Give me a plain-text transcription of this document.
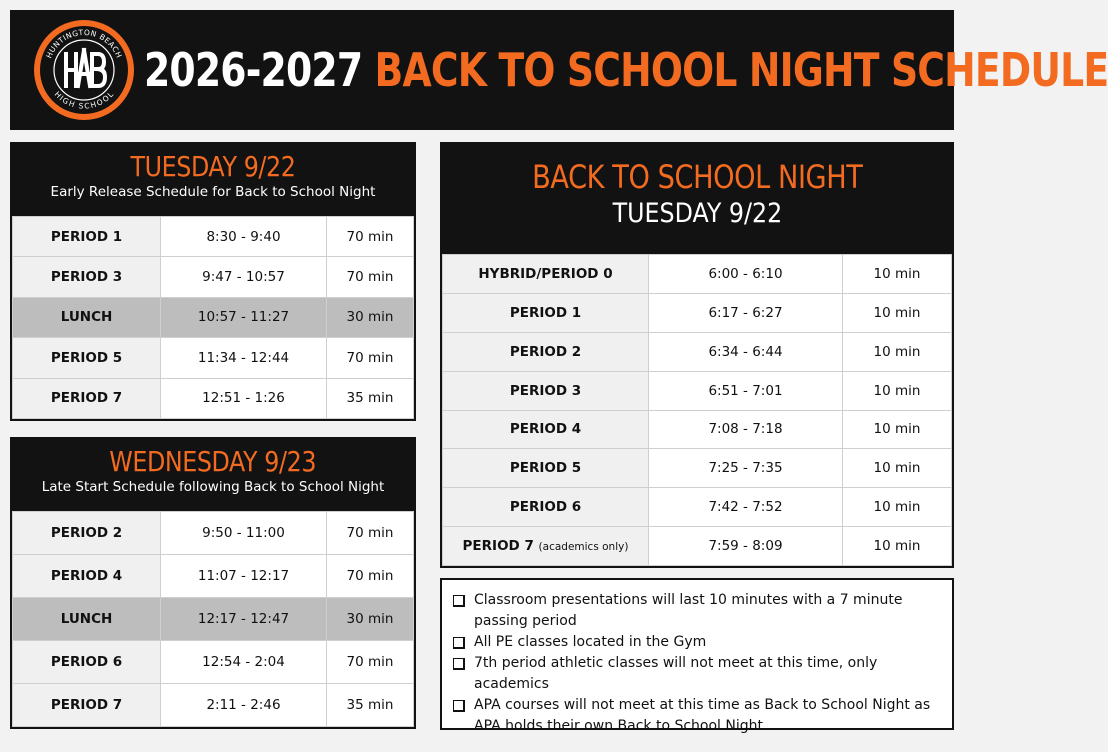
HUNTINGTON BEACH
HIGH SCHOOL 2026-2027 BACK TO SCHOOL NIGHT SCHEDULE
TUESDAY 9/22
Early Release Schedule for Back to School Night
PERIOD 1	8:30 - 9:40	70 min
PERIOD 3	9:47 - 10:57	70 min
LUNCH	10:57 - 11:27	30 min
PERIOD 5	11:34 - 12:44	70 min
PERIOD 7	12:51 - 1:26	35 min
WEDNESDAY 9/23
Late Start Schedule following Back to School Night
PERIOD 2	9:50 - 11:00	70 min
PERIOD 4	11:07 - 12:17	70 min
LUNCH	12:17 - 12:47	30 min
PERIOD 6	12:54 - 2:04	70 min
PERIOD 7	2:11 - 2:46	35 min
BACK TO SCHOOL NIGHT
TUESDAY 9/22
HYBRID/PERIOD 0	6:00 - 6:10	10 min
PERIOD 1	6:17 - 6:27	10 min
PERIOD 2	6:34 - 6:44	10 min
PERIOD 3	6:51 - 7:01	10 min
PERIOD 4	7:08 - 7:18	10 min
PERIOD 5	7:25 - 7:35	10 min
PERIOD 6	7:42 - 7:52	10 min
PERIOD 7 (academics only)	7:59 - 8:09	10 min
Classroom presentations will last 10 minutes with a 7 minute passing period
All PE classes located in the Gym
7th period athletic classes will not meet at this time, only academics
APA courses will not meet at this time as Back to School Night as APA holds their own Back to School Night
